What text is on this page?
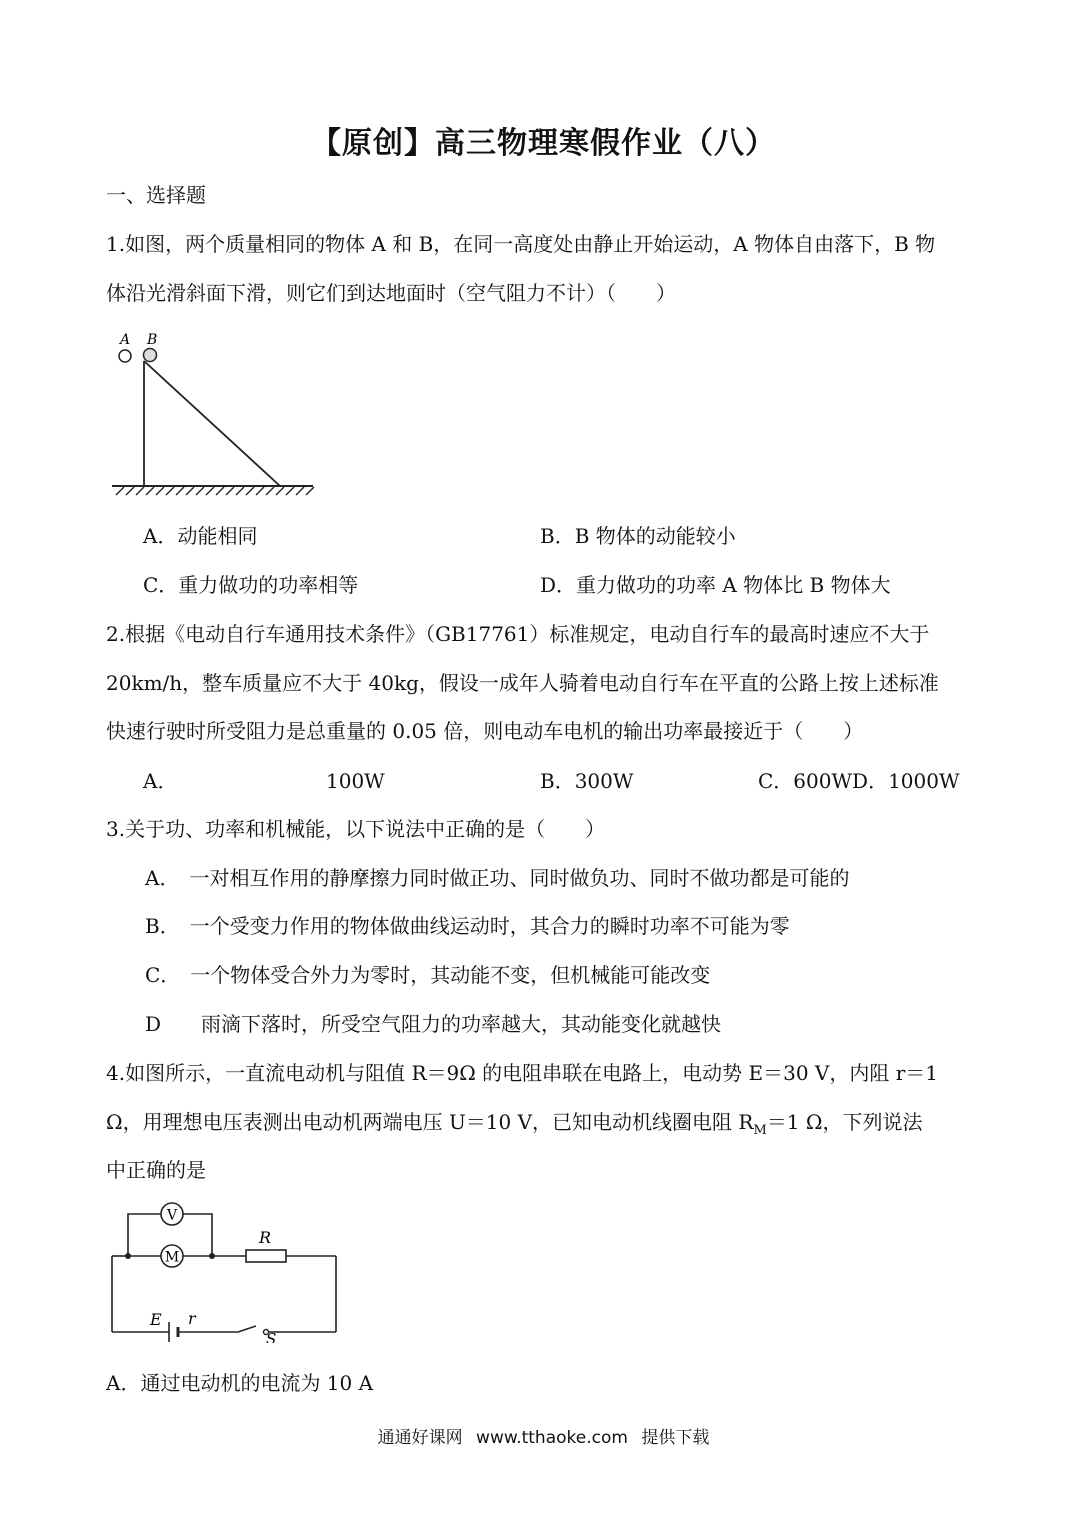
【原创】高三物理寒假作业（八）
一、选择题
1.如图，两个质量相同的物体 A 和 B，在同一高度处由静止开始运动，A 物体自由落下，B 物
体沿光滑斜面下滑，则它们到达地面时（空气阻力不计）（　　）
A B
A．动能相同	B．B 物体的动能较小
C．重力做功的功率相等	D．重力做功的功率 A 物体比 B 物体大
2.根据《电动自行车通用技术条件》（GB17761）标准规定，电动自行车的最高时速应不大于
20km/h，整车质量应不大于 40kg，假设一成年人骑着电动自行车在平直的公路上按上述标准
快速行驶时所受阻力是总重量的 0.05 倍，则电动车电机的输出功率最接近于（　　）
A．	100W	B．300W	C．600WD．1000W
3.关于功、功率和机械能，以下说法中正确的是（　　）
A．　一对相互作用的静摩擦力同时做正功、同时做负功、同时不做功都是可能的
B．　一个受变力作用的物体做曲线运动时，其合力的瞬时功率不可能为零
C．　一个物体受合外力为零时，其动能不变，但机械能可能改变
D　　雨滴下落时，所受空气阻力的功率越大，其动能变化就越快
4.如图所示，一直流电动机与阻值 R＝9Ω 的电阻串联在电路上，电动势 E＝30 V，内阻 r＝1
Ω，用理想电压表测出电动机两端电压 U＝10 V，已知电动机线圈电阻 $R_M=1$ Ω，下列说法
中正确的是
V
M
R
E r
S
A．通过电动机的电流为 10 A
通通好课网 www.tthaoke.com 提供下载
